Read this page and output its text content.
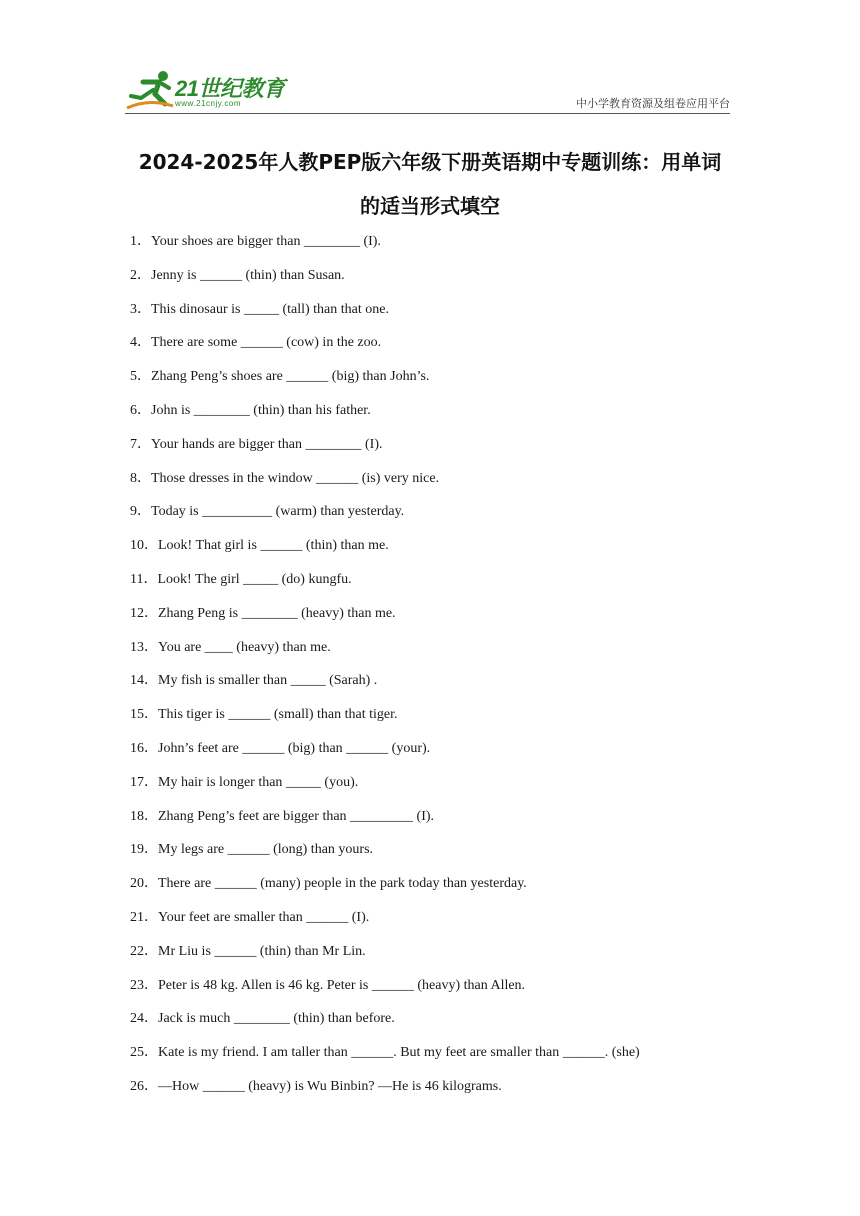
21世纪教育
www.21cnjy.com	中小学教育资源及组卷应用平台
2024-2025年人教PEP版六年级下册英语期中专题训练：用单词
的适当形式填空
1．Your shoes are bigger than ________ (I).
2．Jenny is ______ (thin) than Susan.
3．This dinosaur is _____ (tall) than that one.
4．There are some ______ (cow) in the zoo.
5．Zhang Peng’s shoes are ______ (big) than John’s.
6．John is ________ (thin) than his father.
7．Your hands are bigger than ________ (I).
8．Those dresses in the window ______ (is) very nice.
9．Today is __________ (warm) than yesterday.
10．Look! That girl is ______ (thin) than me.
11．Look! The girl _____ (do) kungfu.
12．Zhang Peng is ________ (heavy) than me.
13．You are ____ (heavy) than me.
14．My fish is smaller than _____ (Sarah) .
15．This tiger is ______ (small) than that tiger.
16．John’s feet are ______ (big) than ______ (your).
17．My hair is longer than _____ (you).
18．Zhang Peng’s feet are bigger than _________ (I).
19．My legs are ______ (long) than yours.
20．There are ______ (many) people in the park today than yesterday.
21．Your feet are smaller than ______ (I).
22．Mr Liu is ______ (thin) than Mr Lin.
23．Peter is 48 kg. Allen is 46 kg. Peter is ______ (heavy) than Allen.
24．Jack is much ________ (thin) than before.
25．Kate is my friend. I am taller than ______. But my feet are smaller than ______. (she)
26．—How ______ (heavy) is Wu Binbin? —He is 46 kilograms.
